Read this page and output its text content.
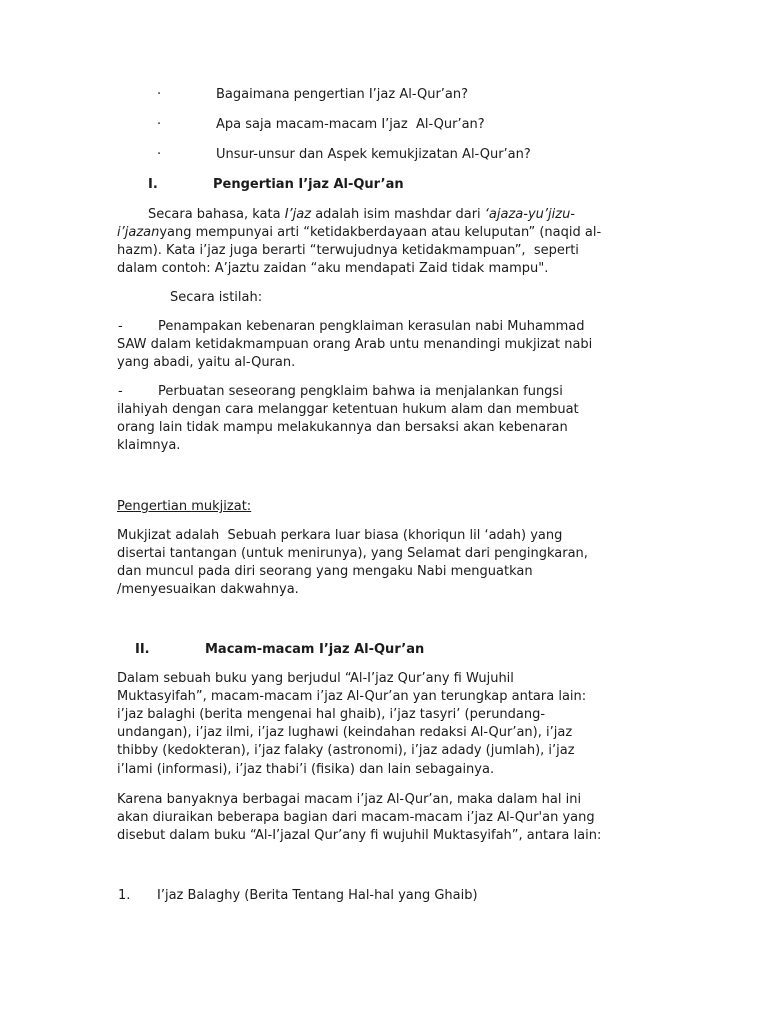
·	Bagaimana pengertian I’jaz Al-Qur’an?
·	Apa saja macam-macam I’jaz  Al-Qur’an?
·	Unsur-unsur dan Aspek kemukjizatan Al-Qur’an?
I.	Pengertian I’jaz Al-Qur’an
Secara bahasa, kata I’jaz adalah isim mashdar dari ‘ajaza-yu’jizu-
i’jazanyang mempunyai arti “ketidakberdayaan atau keluputan” (naqid al-
hazm). Kata i’jaz juga berarti “terwujudnya ketidakmampuan”,  seperti
dalam contoh: A’jaztu zaidan “aku mendapati Zaid tidak mampu".
Secara istilah:
-	Penampakan kebenaran pengklaiman kerasulan nabi Muhammad
SAW dalam ketidakmampuan orang Arab untu menandingi mukjizat nabi
yang abadi, yaitu al-Quran.
-	Perbuatan seseorang pengklaim bahwa ia menjalankan fungsi
ilahiyah dengan cara melanggar ketentuan hukum alam dan membuat
orang lain tidak mampu melakukannya dan bersaksi akan kebenaran
klaimnya.
Pengertian mukjizat:
Mukjizat adalah  Sebuah perkara luar biasa (khoriqun lil ‘adah) yang
disertai tantangan (untuk menirunya), yang Selamat dari pengingkaran,
dan muncul pada diri seorang yang mengaku Nabi menguatkan
/menyesuaikan dakwahnya.
II.	Macam-macam I’jaz Al-Qur’an
Dalam sebuah buku yang berjudul “Al-I’jaz Qur’any fi Wujuhil
Muktasyifah”, macam-macam i’jaz Al-Qur’an yan terungkap antara lain:
i’jaz balaghi (berita mengenai hal ghaib), i’jaz tasyri’ (perundang-
undangan), i’jaz ilmi, i’jaz lughawi (keindahan redaksi Al-Qur’an), i’jaz
thibby (kedokteran), i’jaz falaky (astronomi), i’jaz adady (jumlah), i’jaz
i’lami (informasi), i’jaz thabi’i (fisika) dan lain sebagainya.
Karena banyaknya berbagai macam i’jaz Al-Qur’an, maka dalam hal ini
akan diuraikan beberapa bagian dari macam-macam i’jaz Al-Qur'an yang
disebut dalam buku “Al-I’jazal Qur’any fi wujuhil Muktasyifah”, antara lain:
1. I’jaz Balaghy (Berita Tentang Hal-hal yang Ghaib)
